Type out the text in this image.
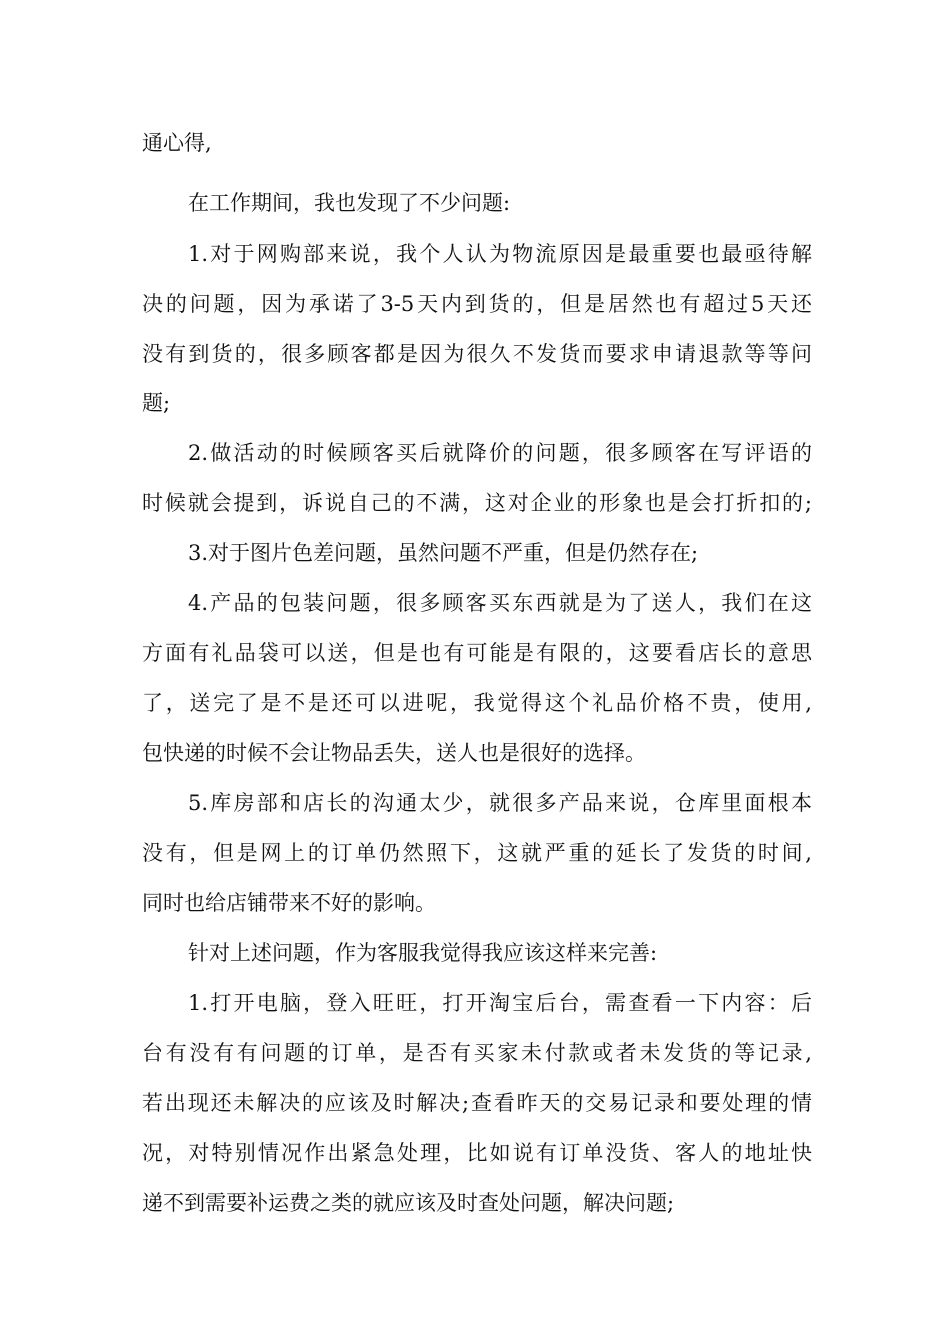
通心得,
在工作期间，我也发现了不少问题:
1.对于网购部来说，我个人认为物流原因是最重要也最亟待解
决的问题，因为承诺了3-5天内到货的，但是居然也有超过5天还
没有到货的，很多顾客都是因为很久不发货而要求申请退款等等问
题;
2.做活动的时候顾客买后就降价的问题，很多顾客在写评语的
时候就会提到，诉说自己的不满，这对企业的形象也是会打折扣的;
3.对于图片色差问题，虽然问题不严重，但是仍然存在;
4.产品的包装问题，很多顾客买东西就是为了送人，我们在这
方面有礼品袋可以送，但是也有可能是有限的，这要看店长的意思
了，送完了是不是还可以进呢，我觉得这个礼品价格不贵，使用,
包快递的时候不会让物品丢失，送人也是很好的选择。
5.库房部和店长的沟通太少，就很多产品来说，仓库里面根本
没有，但是网上的订单仍然照下，这就严重的延长了发货的时间,
同时也给店铺带来不好的影响。
针对上述问题，作为客服我觉得我应该这样来完善:
1.打开电脑，登入旺旺，打开淘宝后台，需查看一下内容：后
台有没有有问题的订单，是否有买家未付款或者未发货的等记录,
若出现还未解决的应该及时解决;查看昨天的交易记录和要处理的情
况，对特别情况作出紧急处理，比如说有订单没货、客人的地址快
递不到需要补运费之类的就应该及时查处问题，解决问题;
